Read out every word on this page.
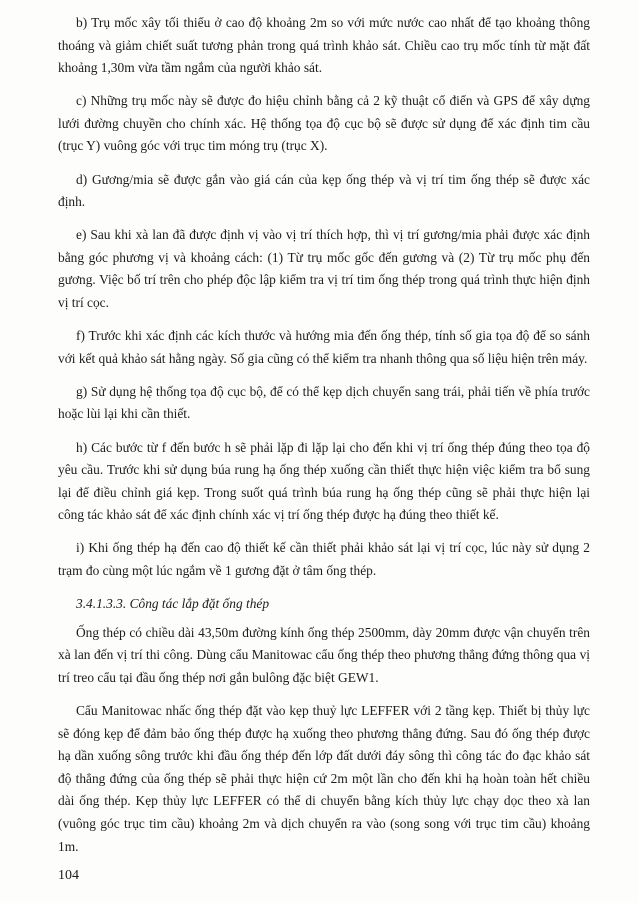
b) Trụ mốc xây tối thiểu ở cao độ khoảng 2m so với mức nước cao nhất để tạo khoảng thông thoáng và giảm chiết suất tương phản trong quá trình khảo sát. Chiều cao trụ mốc tính từ mặt đất khoảng 1,30m vừa tầm ngắm của người khảo sát.

c) Những trụ mốc này sẽ được đo hiệu chỉnh bằng cả 2 kỹ thuật cổ điển và GPS để xây dựng lưới đường chuyền cho chính xác. Hệ thống tọa độ cục bộ sẽ được sử dụng để xác định tim cầu (trục Y) vuông góc với trục tim móng trụ (trục X).

d) Gương/mia sẽ được gắn vào giá cán của kẹp ống thép và vị trí tim ống thép sẽ được xác định.

e) Sau khi xà lan đã được định vị vào vị trí thích hợp, thì vị trí gương/mia phải được xác định bằng góc phương vị và khoảng cách: (1) Từ trụ mốc gốc đến gương và (2) Từ trụ mốc phụ đến gương. Việc bố trí trên cho phép độc lập kiểm tra vị trí tim ống thép trong quá trình thực hiện định vị trí cọc.

f) Trước khi xác định các kích thước và hướng mia đến ống thép, tính số gia tọa độ để so sánh với kết quả khảo sát hằng ngày. Số gia cũng có thể kiểm tra nhanh thông qua số liệu hiện trên máy.

g) Sử dụng hệ thống tọa độ cục bộ, để có thể kẹp dịch chuyển sang trái, phải tiến về phía trước hoặc lùi lại khi cần thiết.

h) Các bước từ f đến bước h sẽ phải lặp đi lặp lại cho đến khi vị trí ống thép đúng theo tọa độ yêu cầu. Trước khi sử dụng búa rung hạ ống thép xuống cần thiết thực hiện việc kiểm tra bổ sung lại để điều chỉnh giá kẹp. Trong suốt quá trình búa rung hạ ống thép cũng sẽ phải thực hiện lại công tác khảo sát để xác định chính xác vị trí ống thép được hạ đúng theo thiết kế.

i) Khi ống thép hạ đến cao độ thiết kế cần thiết phải khảo sát lại vị trí cọc, lúc này sử dụng 2 trạm đo cùng một lúc ngắm về 1 gương đặt ở tâm ống thép.

3.4.1.3.3. Công tác lắp đặt ống thép

Ống thép có chiều dài 43,50m đường kính ống thép 2500mm, dày 20mm được vận chuyển trên xà lan đến vị trí thi công. Dùng cẩu Manitowac cẩu ống thép theo phương thẳng đứng thông qua vị trí treo cẩu tại đầu ống thép nơi gắn bulông đặc biệt GEW1.

Cẩu Manitowac nhấc ống thép đặt vào kẹp thuỷ lực LEFFER với 2 tầng kẹp. Thiết bị thủy lực sẽ đóng kẹp để đảm bảo ống thép được hạ xuống theo phương thẳng đứng. Sau đó ống thép được hạ dần xuống sông trước khi đầu ống thép đến lớp đất dưới đáy sông thì công tác đo đạc khảo sát độ thẳng đứng của ống thép sẽ phải thực hiện cứ 2m một lần cho đến khi hạ hoàn toàn hết chiều dài ống thép. Kẹp thủy lực LEFFER có thể di chuyển bằng kích thủy lực chạy dọc theo xà lan (vuông góc trục tim cầu) khoảng 2m và dịch chuyển ra vào (song song với trục tim cầu) khoảng 1m.

104
